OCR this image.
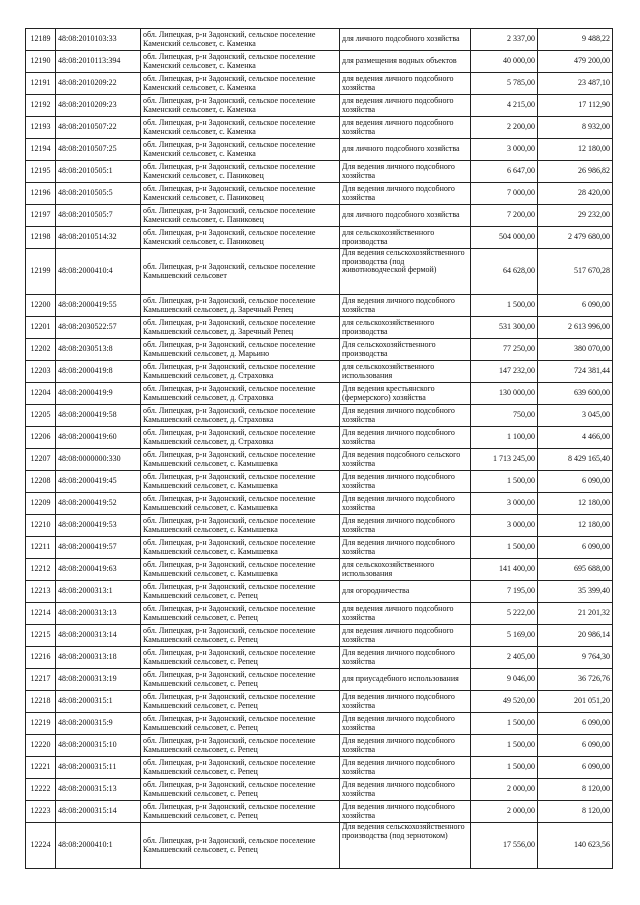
12189	48:08:2010103:33	обл. Липецкая, р-н Задонский, сельское поселение Каменский сельсовет, с. Каменка	для личного подсобного хозяйства	2 337,00	9 488,22
12190	48:08:2010113:394	обл. Липецкая, р-н Задонский, сельское поселение Каменский сельсовет, с. Каменка	для размещения водных объектов	40 000,00	479 200,00
12191	48:08:2010209:22	обл. Липецкая, р-н Задонский, сельское поселение Каменский сельсовет, с. Каменка	для ведения личного подсобного хозяйства	5 785,00	23 487,10
12192	48:08:2010209:23	обл. Липецкая, р-н Задонский, сельское поселение Каменский сельсовет, с. Каменка	для ведения личного подсобного хозяйства	4 215,00	17 112,90
12193	48:08:2010507:22	обл. Липецкая, р-н Задонский, сельское поселение Каменский сельсовет, с. Каменка	для ведения личного подсобного хозяйства	2 200,00	8 932,00
12194	48:08:2010507:25	обл. Липецкая, р-н Задонский, сельское поселение Каменский сельсовет, с. Каменка	для личного подсобного хозяйства	3 000,00	12 180,00
12195	48:08:2010505:1	обл. Липецкая, р-н Задонский, сельское поселение Каменский сельсовет, с. Паниковец	Для ведения личного подсобного хозяйства	6 647,00	26 986,82
12196	48:08:2010505:5	обл. Липецкая, р-н Задонский, сельское поселение Каменский сельсовет, с. Паниковец	Для ведения личного подсобного хозяйства	7 000,00	28 420,00
12197	48:08:2010505:7	обл. Липецкая, р-н Задонский, сельское поселение Каменский сельсовет, с. Паниковец	для личного подсобного хозяйства	7 200,00	29 232,00
12198	48:08:2010514:32	обл. Липецкая, р-н Задонский, сельское поселение Каменский сельсовет, с. Паниковец	для сельскохозяйственного производства	504 000,00	2 479 680,00
12199	48:08:2000410:4	обл. Липецкая, р-н Задонский, сельское поселение Камышевский сельсовет	Для ведения сельскохозяйственного производства (под животноводческой фермой)	64 628,00	517 670,28
12200	48:08:2000419:55	обл. Липецкая, р-н Задонский, сельское поселение Камышевский сельсовет, д. Заречный Репец	Для ведения личного подсобного хозяйства	1 500,00	6 090,00
12201	48:08:2030522:57	обл. Липецкая, р-н Задонский, сельское поселение Камышевский сельсовет, д. Заречный Репец	для сельскохозяйственного производства	531 300,00	2 613 996,00
12202	48:08:2030513:8	обл. Липецкая, р-н Задонский, сельское поселение Камышевский сельсовет, д. Марьино	Для сельскохозяйственного производства	77 250,00	380 070,00
12203	48:08:2000419:8	обл. Липецкая, р-н Задонский, сельское поселение Камышевский сельсовет, д. Страховка	для сельскохозяйственного использования	147 232,00	724 381,44
12204	48:08:2000419:9	обл. Липецкая, р-н Задонский, сельское поселение Камышевский сельсовет, д. Страховка	Для ведения крестьянского (фермерского) хозяйства	130 000,00	639 600,00
12205	48:08:2000419:58	обл. Липецкая, р-н Задонский, сельское поселение Камышевский сельсовет, д. Страховка	Для ведения личного подсобного хозяйства	750,00	3 045,00
12206	48:08:2000419:60	обл. Липецкая, р-н Задонский, сельское поселение Камышевский сельсовет, д. Страховка	Для ведения личного подсобного хозяйства	1 100,00	4 466,00
12207	48:08:0000000:330	обл. Липецкая, р-н Задонский, сельское поселение Камышевский сельсовет, с. Камышевка	Для ведения подсобного сельского хозяйства	1 713 245,00	8 429 165,40
12208	48:08:2000419:45	обл. Липецкая, р-н Задонский, сельское поселение Камышевский сельсовет, с. Камышевка	Для ведения личного подсобного хозяйства	1 500,00	6 090,00
12209	48:08:2000419:52	обл. Липецкая, р-н Задонский, сельское поселение Камышевский сельсовет, с. Камышевка	Для ведения личного подсобного хозяйства	3 000,00	12 180,00
12210	48:08:2000419:53	обл. Липецкая, р-н Задонский, сельское поселение Камышевский сельсовет, с. Камышевка	Для ведения личного подсобного хозяйства	3 000,00	12 180,00
12211	48:08:2000419:57	обл. Липецкая, р-н Задонский, сельское поселение Камышевский сельсовет, с. Камышевка	Для ведения личного подсобного хозяйства	1 500,00	6 090,00
12212	48:08:2000419:63	обл. Липецкая, р-н Задонский, сельское поселение Камышевский сельсовет, с. Камышевка	для сельскохозяйственного использования	141 400,00	695 688,00
12213	48:08:2000313:1	обл. Липецкая, р-н Задонский, сельское поселение Камышевский сельсовет, с. Репец	для огородничества	7 195,00	35 399,40
12214	48:08:2000313:13	обл. Липецкая, р-н Задонский, сельское поселение Камышевский сельсовет, с. Репец	для ведения личного подсобного хозяйства	5 222,00	21 201,32
12215	48:08:2000313:14	обл. Липецкая, р-н Задонский, сельское поселение Камышевский сельсовет, с. Репец	для ведения личного подсобного хозяйства	5 169,00	20 986,14
12216	48:08:2000313:18	обл. Липецкая, р-н Задонский, сельское поселение Камышевский сельсовет, с. Репец	Для ведения личного подсобного хозяйства	2 405,00	9 764,30
12217	48:08:2000313:19	обл. Липецкая, р-н Задонский, сельское поселение Камышевский сельсовет, с. Репец	для приусадебного использования	9 046,00	36 726,76
12218	48:08:2000315:1	обл. Липецкая, р-н Задонский, сельское поселение Камышевский сельсовет, с. Репец	Для ведения личного подсобного хозяйства	49 520,00	201 051,20
12219	48:08:2000315:9	обл. Липецкая, р-н Задонский, сельское поселение Камышевский сельсовет, с. Репец	Для ведения личного подсобного хозяйства	1 500,00	6 090,00
12220	48:08:2000315:10	обл. Липецкая, р-н Задонский, сельское поселение Камышевский сельсовет, с. Репец	Для ведения личного подсобного хозяйства	1 500,00	6 090,00
12221	48:08:2000315:11	обл. Липецкая, р-н Задонский, сельское поселение Камышевский сельсовет, с. Репец	Для ведения личного подсобного хозяйства	1 500,00	6 090,00
12222	48:08:2000315:13	обл. Липецкая, р-н Задонский, сельское поселение Камышевский сельсовет, с. Репец	Для ведения личного подсобного хозяйства	2 000,00	8 120,00
12223	48:08:2000315:14	обл. Липецкая, р-н Задонский, сельское поселение Камышевский сельсовет, с. Репец	Для ведения личного подсобного хозяйства	2 000,00	8 120,00
12224	48:08:2000410:1	обл. Липецкая, р-н Задонский, сельское поселение Камышевский сельсовет, с. Репец	Для ведения сельскохозяйственного производства (под зернотоком)	17 556,00	140 623,56
